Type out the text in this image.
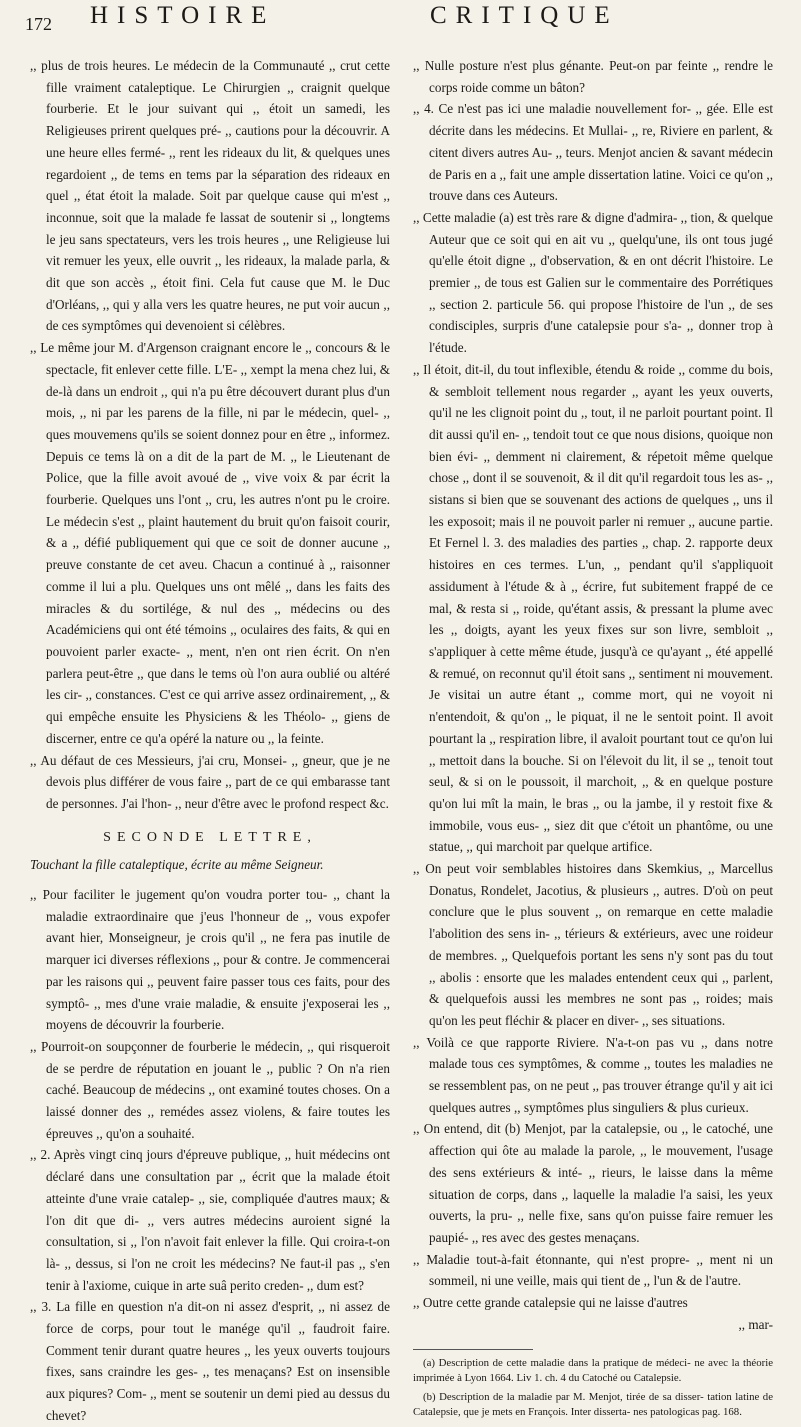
172 HISTOIRE	CRITIQUE

,, plus de trois heures. Le médecin de la Communauté ,, crut cette fille vraiment cataleptique. Le Chirurgien ,, craignit quelque fourberie. Et le jour suivant qui ,, étoit un samedi, les Religieuses prirent quelques pré- ,, cautions pour la découvrir. A une heure elles fermé- ,, rent les rideaux du lit, & quelques unes regardoient ,, de tems en tems par la séparation des rideaux en quel ,, état étoit la malade. Soit par quelque cause qui m'est ,, inconnue, soit que la malade fe lassat de soutenir si ,, longtems le jeu sans spectateurs, vers les trois heures ,, une Religieuse lui vit remuer les yeux, elle ouvrit ,, les rideaux, la malade parla, & dit que son accès ,, étoit fini. Cela fut cause que M. le Duc d'Orléans, ,, qui y alla vers les quatre heures, ne put voir aucun ,, de ces symptômes qui devenoient si célèbres.

,, Le même jour M. d'Argenson craignant encore le ,, concours & le spectacle, fit enlever cette fille. L'E- ,, xempt la mena chez lui, & de-là dans un endroit ,, qui n'a pu être découvert durant plus d'un mois, ,, ni par les parens de la fille, ni par le médecin, quel- ,, ques mouvemens qu'ils se soient donnez pour en être ,, informez. Depuis ce tems là on a dit de la part de M. ,, le Lieutenant de Police, que la fille avoit avoué de ,, vive voix & par écrit la fourberie. Quelques uns l'ont ,, cru, les autres n'ont pu le croire. Le médecin s'est ,, plaint hautement du bruit qu'on faisoit courir, & a ,, défié publiquement qui que ce soit de donner aucune ,, preuve constante de cet aveu. Chacun a continué à ,, raisonner comme il lui a plu. Quelques uns ont mêlé ,, dans les faits des miracles & du sortilége, & nul des ,, médecins ou des Académiciens qui ont été témoins ,, oculaires des faits, & qui en pouvoient parler exacte- ,, ment, n'en ont rien écrit. On n'en parlera peut-être ,, que dans le tems où l'on aura oublié ou altéré les cir- ,, constances. C'est ce qui arrive assez ordinairement, ,, & qui empêche ensuite les Physiciens & les Théolo- ,, giens de discerner, entre ce qu'a opéré la nature ou ,, la feinte.

,, Au défaut de ces Messieurs, j'ai cru, Monsei- ,, gneur, que je ne devois plus différer de vous faire ,, part de ce qui embarasse tant de personnes. J'ai l'hon- ,, neur d'être avec le profond respect &c.

SECONDE LETTRE,

Touchant la fille cataleptique, écrite au même Seigneur.

,, Pour faciliter le jugement qu'on voudra porter tou- ,, chant la maladie extraordinaire que j'eus l'honneur de ,, vous expofer avant hier, Monseigneur, je crois qu'il ,, ne fera pas inutile de marquer ici diverses réflexions ,, pour & contre. Je commencerai par les raisons qui ,, peuvent faire passer tous ces faits, pour des symptô- ,, mes d'une vraie maladie, & ensuite j'exposerai les ,, moyens de découvrir la fourberie.

,, Pourroit-on soupçonner de fourberie le médecin, ,, qui risqueroit de se perdre de réputation en jouant le ,, public ? On n'a rien caché. Beaucoup de médecins ,, ont examiné toutes choses. On a laissé donner des ,, remédes assez violens, & faire toutes les épreuves ,, qu'on a souhaité.

,, 2. Après vingt cinq jours d'épreuve publique, ,, huit médecins ont déclaré dans une consultation par ,, écrit que la malade étoit atteinte d'une vraie catalep- ,, sie, compliquée d'autres maux; & l'on dit que di- ,, vers autres médecins auroient signé la consultation, si ,, l'on n'avoit fait enlever la fille. Qui croira-t-on là- ,, dessus, si l'on ne croit les médecins? Ne faut-il pas ,, s'en tenir à l'axiome, cuique in arte suâ perito creden- ,, dum est?

,, 3. La fille en question n'a dit-on ni assez d'esprit, ,, ni assez de force de corps, pour tout le manége qu'il ,, faudroit faire. Comment tenir durant quatre heures ,, les yeux ouverts toujours fixes, sans craindre les ges- ,, tes menaçans? Est on insensible aux piqures? Com- ,, ment se soutenir un demi pied au dessus du chevet?

,, Nulle posture n'est plus génante. Peut-on par feinte ,, rendre le corps roide comme un bâton?

,, 4. Ce n'est pas ici une maladie nouvellement for- ,, gée. Elle est décrite dans les médecins. Et Mullai- ,, re, Riviere en parlent, & citent divers autres Au- ,, teurs. Menjot ancien & savant médecin de Paris en a ,, fait une ample dissertation latine. Voici ce qu'on ,, trouve dans ces Auteurs.

,, Cette maladie (a) est très rare & digne d'admira- ,, tion, & quelque Auteur que ce soit qui en ait vu ,, quelqu'une, ils ont tous jugé qu'elle étoit digne ,, d'observation, & en ont décrit l'histoire. Le premier ,, de tous est Galien sur le commentaire des Porrétiques ,, section 2. particule 56. qui propose l'histoire de l'un ,, de ses condisciples, surpris d'une catalepsie pour s'a- ,, donner trop à l'étude.

,, Il étoit, dit-il, du tout inflexible, étendu & roide ,, comme du bois, & sembloit tellement nous regarder ,, ayant les yeux ouverts, qu'il ne les clignoit point du ,, tout, il ne parloit pourtant point. Il dit aussi qu'il en- ,, tendoit tout ce que nous disions, quoique non bien évi- ,, demment ni clairement, & répetoit même quelque chose ,, dont il se souvenoit, & il dit qu'il regardoit tous les as- ,, sistans si bien que se souvenant des actions de quelques ,, uns il les exposoit; mais il ne pouvoit parler ni remuer ,, aucune partie. Et Fernel l. 3. des maladies des parties ,, chap. 2. rapporte deux histoires en ces termes. L'un, ,, pendant qu'il s'appliquoit assidument à l'étude & à ,, écrire, fut subitement frappé de ce mal, & resta si ,, roide, qu'étant assis, & pressant la plume avec les ,, doigts, ayant les yeux fixes sur son livre, sembloit ,, s'appliquer à cette même étude, jusqu'à ce qu'ayant ,, été appellé & remué, on reconnut qu'il étoit sans ,, sentiment ni mouvement. Je visitai un autre étant ,, comme mort, qui ne voyoit ni n'entendoit, & qu'on ,, le piquat, il ne le sentoit point. Il avoit pourtant la ,, respiration libre, il avaloit pourtant tout ce qu'on lui ,, mettoit dans la bouche. Si on l'élevoit du lit, il se ,, tenoit tout seul, & si on le poussoit, il marchoit, ,, & en quelque posture qu'on lui mît la main, le bras ,, ou la jambe, il y restoit fixe & immobile, vous eus- ,, siez dit que c'étoit un phantôme, ou une statue, ,, qui marchoit par quelque artifice.

,, On peut voir semblables histoires dans Skemkius, ,, Marcellus Donatus, Rondelet, Jacotius, & plusieurs ,, autres. D'où on peut conclure que le plus souvent ,, on remarque en cette maladie l'abolition des sens in- ,, térieurs & extérieurs, avec une roideur de membres. ,, Quelquefois portant les sens n'y sont pas du tout ,, abolis : ensorte que les malades entendent ceux qui ,, parlent, & quelquefois aussi les membres ne sont pas ,, roides; mais qu'on les peut fléchir & placer en diver- ,, ses situations.

,, Voilà ce que rapporte Riviere. N'a-t-on pas vu ,, dans notre malade tous ces symptômes, & comme ,, toutes les maladies ne se ressemblent pas, on ne peut ,, pas trouver étrange qu'il y ait ici quelques autres ,, symptômes plus singuliers & plus curieux.

,, On entend, dit (b) Menjot, par la catalepsie, ou ,, le catoché, une affection qui ôte au malade la parole, ,, le mouvement, l'usage des sens extérieurs & inté- ,, rieurs, le laisse dans la même situation de corps, dans ,, laquelle la maladie l'a saisi, les yeux ouverts, la pru- ,, nelle fixe, sans qu'on puisse faire remuer les paupié- ,, res avec des gestes menaçans.

,, Maladie tout-à-fait étonnante, qui n'est propre- ,, ment ni un sommeil, ni une veille, mais qui tient de ,, l'un & de l'autre.

,, Outre cette grande catalepsie qui ne laisse d'autres

,, mar-

(a) Description de cette maladie dans la pratique de médeci- ne avec la théorie imprimée à Lyon 1664. Liv 1. ch. 4 du Catoché ou Catalepsie.

(b) Description de la maladie par M. Menjot, tirée de sa disser- tation latine de Catalepsie, que je mets en François. Inter disserta- nes patologicas pag. 168.
